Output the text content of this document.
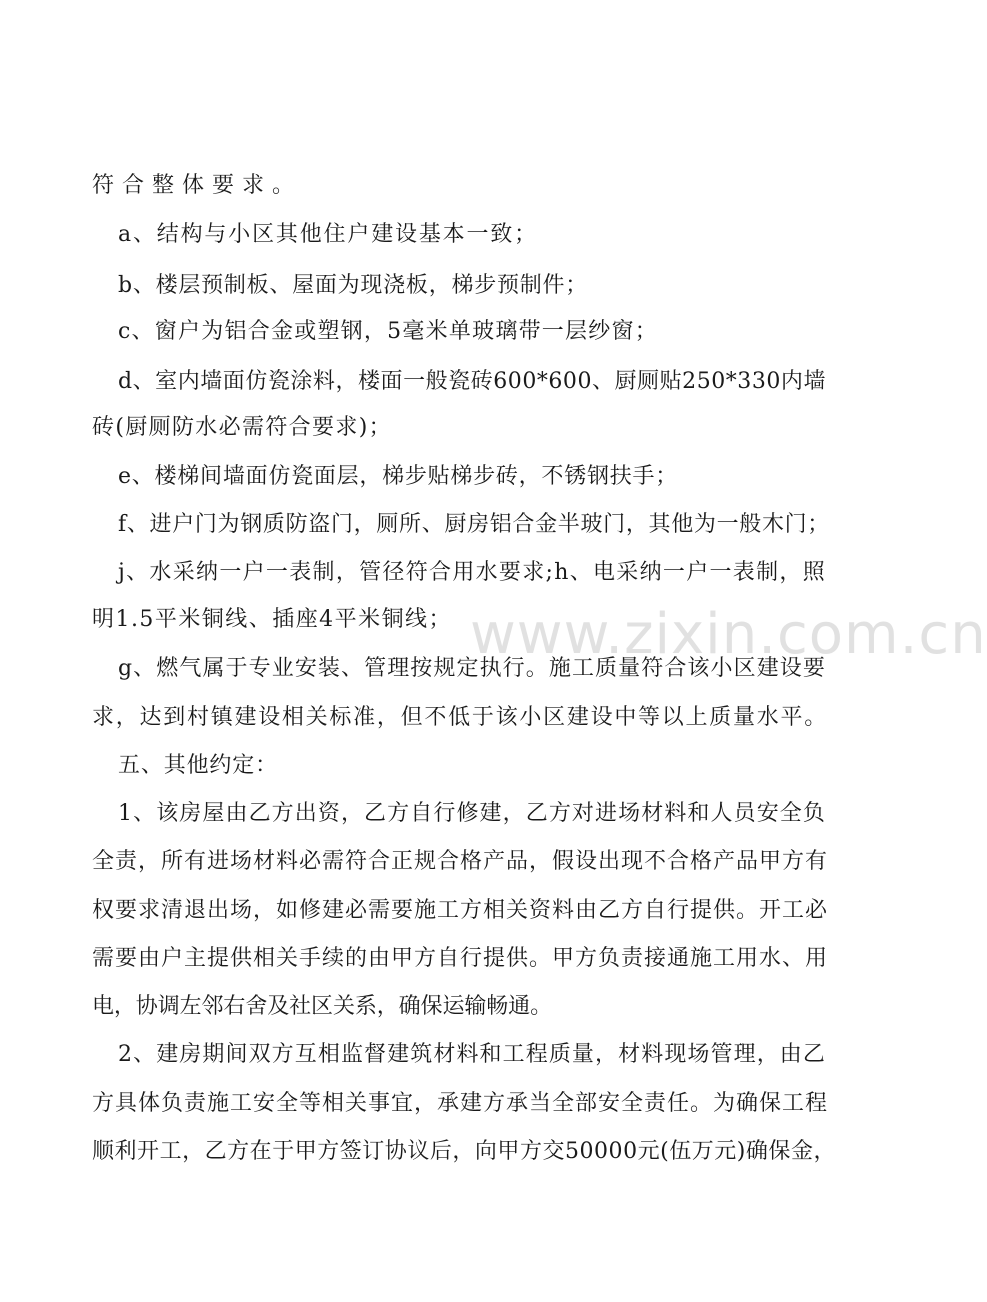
符合整体要求。
a、结构与小区其他住户建设基本一致；
b、楼层预制板、屋面为现浇板，梯步预制件；
c、窗户为铝合金或塑钢，5毫米单玻璃带一层纱窗；
d、室内墙面仿瓷涂料，楼面一般瓷砖600*600、厨厕贴250*330内墙
砖(厨厕防水必需符合要求)；
e、楼梯间墙面仿瓷面层，梯步贴梯步砖，不锈钢扶手；
f、进户门为钢质防盗门，厕所、厨房铝合金半玻门，其他为一般木门；
j、水采纳一户一表制，管径符合用水要求;h、电采纳一户一表制，照
明1.5平米铜线、插座4平米铜线；
g、燃气属于专业安装、管理按规定执行。施工质量符合该小区建设要
求，达到村镇建设相关标准，但不低于该小区建设中等以上质量水平。
五、其他约定：
1、该房屋由乙方出资，乙方自行修建，乙方对进场材料和人员安全负
全责，所有进场材料必需符合正规合格产品，假设出现不合格产品甲方有
权要求清退出场，如修建必需要施工方相关资料由乙方自行提供。开工必
需要由户主提供相关手续的由甲方自行提供。甲方负责接通施工用水、用
电，协调左邻右舍及社区关系，确保运输畅通。
2、建房期间双方互相监督建筑材料和工程质量，材料现场管理，由乙
方具体负责施工安全等相关事宜，承建方承当全部安全责任。为确保工程
顺利开工，乙方在于甲方签订协议后，向甲方交50000元(伍万元)确保金，
www.zixin.com.cn
